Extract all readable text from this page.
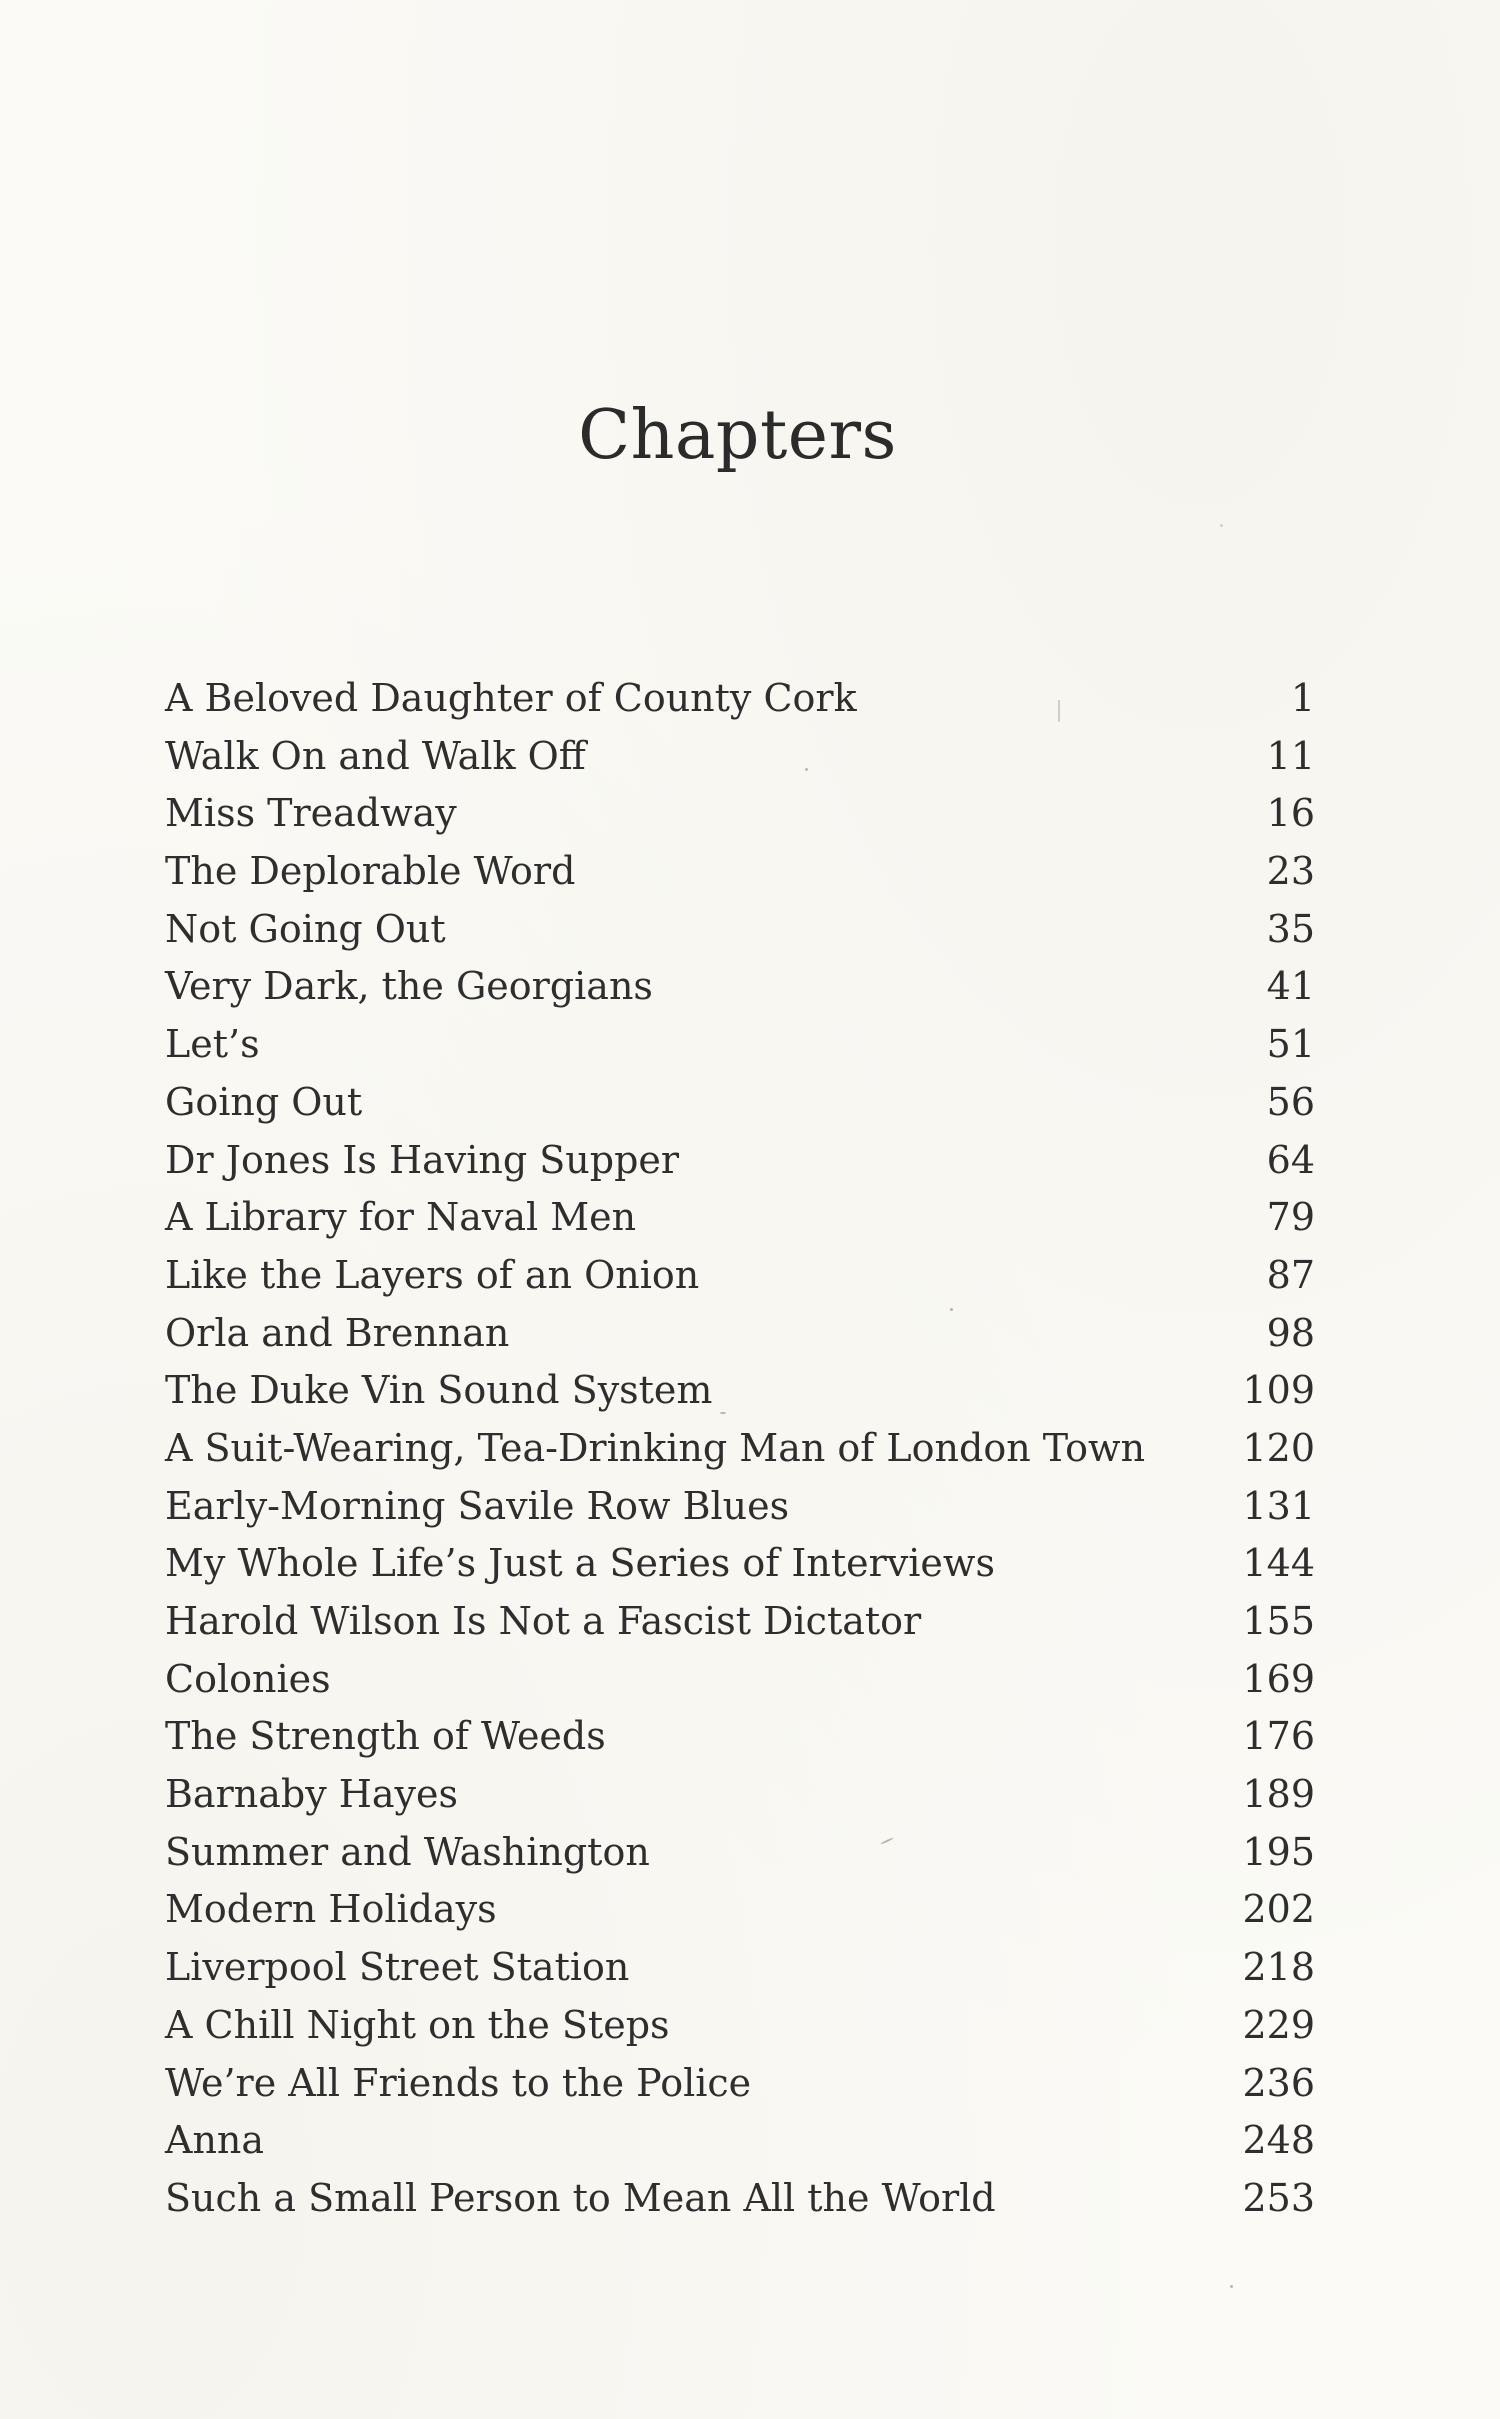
Chapters
A Beloved Daughter of County Cork	1
Walk On and Walk Off	11
Miss Treadway	16
The Deplorable Word	23
Not Going Out	35
Very Dark, the Georgians	41
Let’s	51
Going Out	56
Dr Jones Is Having Supper	64
A Library for Naval Men	79
Like the Layers of an Onion	87
Orla and Brennan	98
The Duke Vin Sound System	109
A Suit-Wearing, Tea-Drinking Man of London Town	120
Early-Morning Savile Row Blues	131
My Whole Life’s Just a Series of Interviews	144
Harold Wilson Is Not a Fascist Dictator	155
Colonies	169
The Strength of Weeds	176
Barnaby Hayes	189
Summer and Washington	195
Modern Holidays	202
Liverpool Street Station	218
A Chill Night on the Steps	229
We’re All Friends to the Police	236
Anna	248
Such a Small Person to Mean All the World	253
